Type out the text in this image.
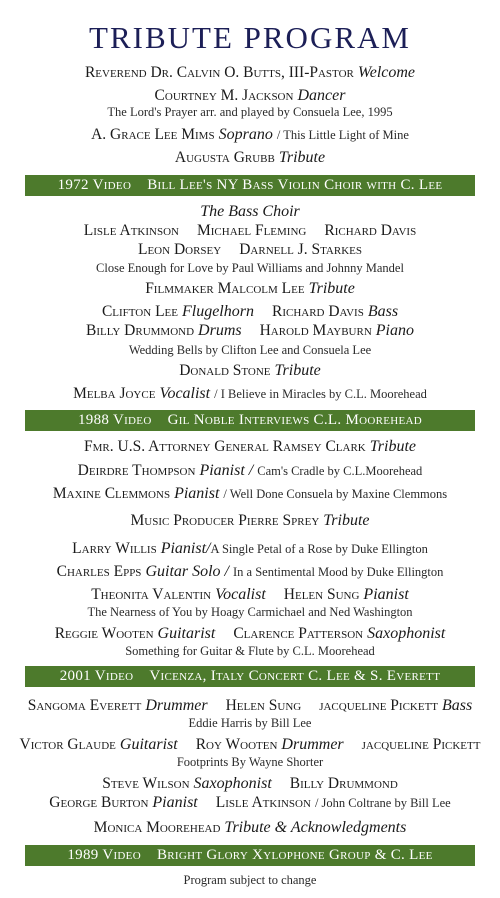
TRIBUTE PROGRAM
Reverend Dr. Calvin O. Butts, III-Pastor Welcome
Courtney M. Jackson Dancer
The Lord's Prayer arr. and played by Consuela Lee, 1995
A. Grace Lee Mims Soprano / This Little Light of Mine
Augusta Grubb Tribute
1972 Video Bill Lee's NY Bass Violin Choir with C. Lee
The Bass Choir
Lisle Atkinson Michael Fleming Richard Davis
Leon Dorsey Darnell J. Starkes
Close Enough for Love by Paul Williams and Johnny Mandel
Filmmaker Malcolm Lee Tribute
Clifton Lee Flugelhorn Richard Davis Bass
Billy Drummond Drums Harold Mayburn Piano
Wedding Bells by Clifton Lee and Consuela Lee
Donald Stone Tribute
Melba Joyce Vocalist / I Believe in Miracles by C.L. Moorehead
1988 Video Gil Noble Interviews C.L. Moorehead
Fmr. U.S. Attorney General Ramsey Clark Tribute
Deirdre Thompson Pianist / Cam's Cradle by C.L.Moorehead
Maxine Clemmons Pianist / Well Done Consuela by Maxine Clemmons
Music Producer Pierre Sprey Tribute
Larry Willis Pianist/A Single Petal of a Rose by Duke Ellington
Charles Epps Guitar Solo / In a Sentimental Mood by Duke Ellington
Theonita Valentin Vocalist Helen Sung Pianist
The Nearness of You by Hoagy Carmichael and Ned Washington
Reggie Wooten Guitarist Clarence Patterson Saxophonist
Something for Guitar & Flute by C.L. Moorehead
2001 Video Vicenza, Italy Concert C. Lee & S. Everett
Sangoma Everett Drummer Helen Sung jacqueline Pickett Bass
Eddie Harris by Bill Lee
Victor Glaude Guitarist Roy Wooten Drummer jacqueline Pickett
Footprints By Wayne Shorter
Steve Wilson Saxophonist Billy Drummond
George Burton Pianist Lisle Atkinson / John Coltrane by Bill Lee
Monica Moorehead Tribute & Acknowledgments
1989 Video Bright Glory Xylophone Group & C. Lee
Program subject to change
